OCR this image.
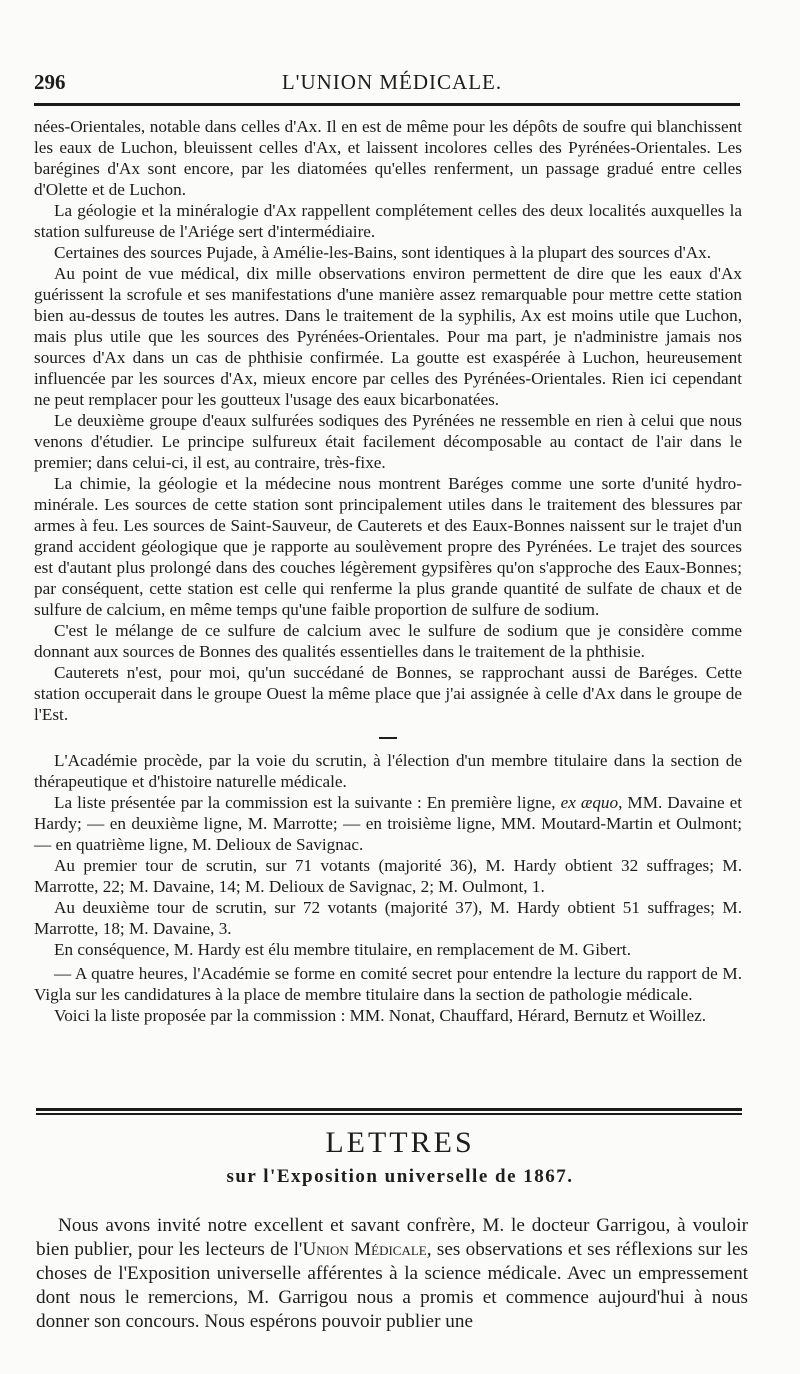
296	L'UNION MÉDICALE.

nées-Orientales, notable dans celles d'Ax. Il en est de même pour les dépôts de soufre qui blanchissent les eaux de Luchon, bleuissent celles d'Ax, et laissent incolores celles des Pyrénées-Orientales. Les barégines d'Ax sont encore, par les diatomées qu'elles renferment, un passage gradué entre celles d'Olette et de Luchon.

La géologie et la minéralogie d'Ax rappellent complétement celles des deux localités auxquelles la station sulfureuse de l'Ariége sert d'intermédiaire.

Certaines des sources Pujade, à Amélie-les-Bains, sont identiques à la plupart des sources d'Ax.

Au point de vue médical, dix mille observations environ permettent de dire que les eaux d'Ax guérissent la scrofule et ses manifestations d'une manière assez remarquable pour mettre cette station bien au-dessus de toutes les autres. Dans le traitement de la syphilis, Ax est moins utile que Luchon, mais plus utile que les sources des Pyrénées-Orientales. Pour ma part, je n'administre jamais nos sources d'Ax dans un cas de phthisie confirmée. La goutte est exaspérée à Luchon, heureusement influencée par les sources d'Ax, mieux encore par celles des Pyrénées-Orientales. Rien ici cependant ne peut remplacer pour les goutteux l'usage des eaux bicarbonatées.

Le deuxième groupe d'eaux sulfurées sodiques des Pyrénées ne ressemble en rien à celui que nous venons d'étudier. Le principe sulfureux était facilement décomposable au contact de l'air dans le premier; dans celui-ci, il est, au contraire, très-fixe.

La chimie, la géologie et la médecine nous montrent Baréges comme une sorte d'unité hydro-minérale. Les sources de cette station sont principalement utiles dans le traitement des blessures par armes à feu. Les sources de Saint-Sauveur, de Cauterets et des Eaux-Bonnes naissent sur le trajet d'un grand accident géologique que je rapporte au soulèvement propre des Pyrénées. Le trajet des sources est d'autant plus prolongé dans des couches légèrement gypsifères qu'on s'approche des Eaux-Bonnes; par conséquent, cette station est celle qui renferme la plus grande quantité de sulfate de chaux et de sulfure de calcium, en même temps qu'une faible proportion de sulfure de sodium.

C'est le mélange de ce sulfure de calcium avec le sulfure de sodium que je considère comme donnant aux sources de Bonnes des qualités essentielles dans le traitement de la phthisie.

Cauterets n'est, pour moi, qu'un succédané de Bonnes, se rapprochant aussi de Baréges. Cette station occuperait dans le groupe Ouest la même place que j'ai assignée à celle d'Ax dans le groupe de l'Est.

L'Académie procède, par la voie du scrutin, à l'élection d'un membre titulaire dans la section de thérapeutique et d'histoire naturelle médicale.

La liste présentée par la commission est la suivante : En première ligne, ex æquo, MM. Davaine et Hardy; — en deuxième ligne, M. Marrotte; — en troisième ligne, MM. Moutard-Martin et Oulmont; — en quatrième ligne, M. Delioux de Savignac.

Au premier tour de scrutin, sur 71 votants (majorité 36), M. Hardy obtient 32 suffrages; M. Marrotte, 22; M. Davaine, 14; M. Delioux de Savignac, 2; M. Oulmont, 1.

Au deuxième tour de scrutin, sur 72 votants (majorité 37), M. Hardy obtient 51 suffrages; M. Marrotte, 18; M. Davaine, 3.

En conséquence, M. Hardy est élu membre titulaire, en remplacement de M. Gibert.

— A quatre heures, l'Académie se forme en comité secret pour entendre la lecture du rapport de M. Vigla sur les candidatures à la place de membre titulaire dans la section de pathologie médicale.

Voici la liste proposée par la commission : MM. Nonat, Chauffard, Hérard, Bernutz et Woillez.

LETTRES
sur l'Exposition universelle de 1867.

Nous avons invité notre excellent et savant confrère, M. le docteur Garrigou, à vouloir bien publier, pour les lecteurs de l'Union Médicale, ses observations et ses réflexions sur les choses de l'Exposition universelle afférentes à la science médicale. Avec un empressement dont nous le remercions, M. Garrigou nous a promis et commence aujourd'hui à nous donner son concours. Nous espérons pouvoir publier une
